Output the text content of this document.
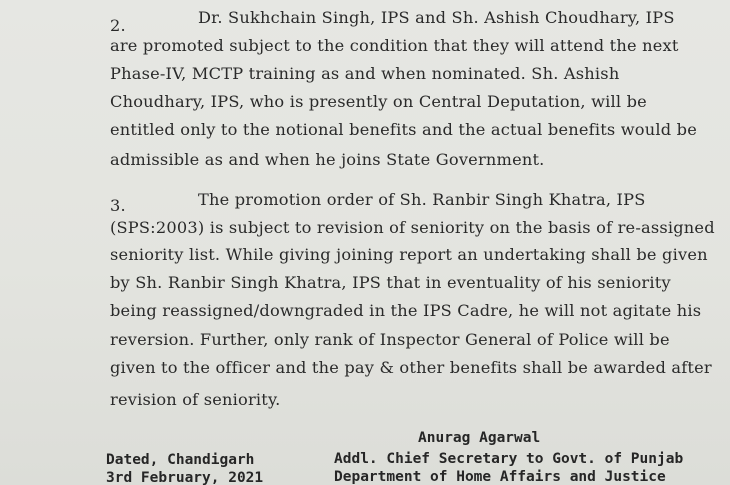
2.	Dr. Sukhchain Singh, IPS and Sh. Ashish Choudhary, IPS
are promoted subject to the condition that they will attend the next
Phase-IV, MCTP training as and when nominated. Sh. Ashish
Choudhary, IPS, who is presently on Central Deputation, will be
entitled only to the notional benefits and the actual benefits would be
admissible as and when he joins State Government.
3.	The promotion order of Sh. Ranbir Singh Khatra, IPS
(SPS:2003) is subject to revision of seniority on the basis of re-assigned
seniority list. While giving joining report an undertaking shall be given
by Sh. Ranbir Singh Khatra, IPS that in eventuality of his seniority
being reassigned/downgraded in the IPS Cadre, he will not agitate his
reversion. Further, only rank of Inspector General of Police will be
given to the officer and the pay & other benefits shall be awarded after
revision of seniority.
Dated, Chandigarh
3rd February, 2021
Anurag Agarwal
Addl. Chief Secretary to Govt. of Punjab
Department of Home Affairs and Justice
